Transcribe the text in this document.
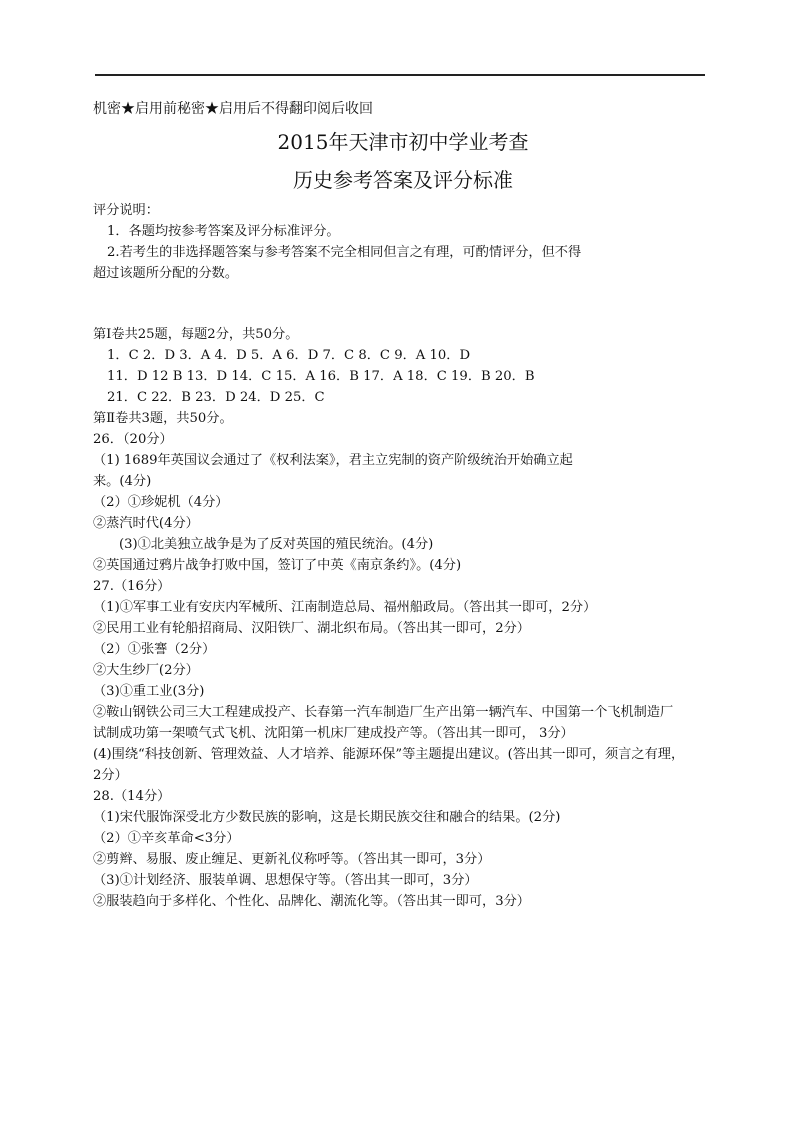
机密★启用前秘密★启用后不得翻印阅后收回
2015年天津市初中学业考查
历史参考答案及评分标准
评分说明：
1．各题均按参考答案及评分标准评分。
2.若考生的非选择题答案与参考答案不完全相同但言之有理，可酌情评分，但不得
超过该题所分配的分数。
第Ⅰ卷共25题，每题2分，共50分。
1．C 2．D 3．A 4．D 5．A 6．D 7．C 8．C 9．A 10．D
11．D 12 B 13．D 14．C 15．A 16．B 17．A 18．C 19．B 20．B
21．C 22．B 23．D 24．D 25．C
第Ⅱ卷共3题，共50分。
26．（20分）
（1) 1689年英国议会通过了《权利法案》，君主立宪制的资产阶级统治开始确立起
来。(4分)
（2）①珍妮机（4分）
②蒸汽时代(4分）
(3)①北美独立战争是为了反对英国的殖民统治。(4分)
②英国通过鸦片战争打败中国，签订了中英《南京条约》。(4分)
27.（16分）
（1)①军事工业有安庆内军械所、江南制造总局、福州船政局。（答出其一即可，2分）
②民用工业有轮船招商局、汉阳铁厂、湖北织布局。（答出其一即可，2分）
（2）①张謇（2分）
②大生纱厂(2分）
（3)①重工业(3分)
②鞍山钢铁公司三大工程建成投产、长春第一汽车制造厂生产出第一辆汽车、中国第一个飞机制造厂
试制成功第一架喷气式飞机、沈阳第一机床厂建成投产等。（答出其一即可， 3分）
(4)围绕“科技创新、管理效益、人才培养、能源环保”等主题提出建议。(答出其一即可，须言之有理，
2分）
28.（14分）
（1)宋代服饰深受北方少数民族的影响，这是长期民族交往和融合的结果。(2分)
（2）①辛亥革命<3分）
②剪辫、易服、废止缠足、更新礼仪称呼等。（答出其一即可，3分）
（3)①计划经济、服装单调、思想保守等。（答出其一即可，3分）
②服装趋向于多样化、个性化、品牌化、潮流化等。（答出其一即可，3分）
